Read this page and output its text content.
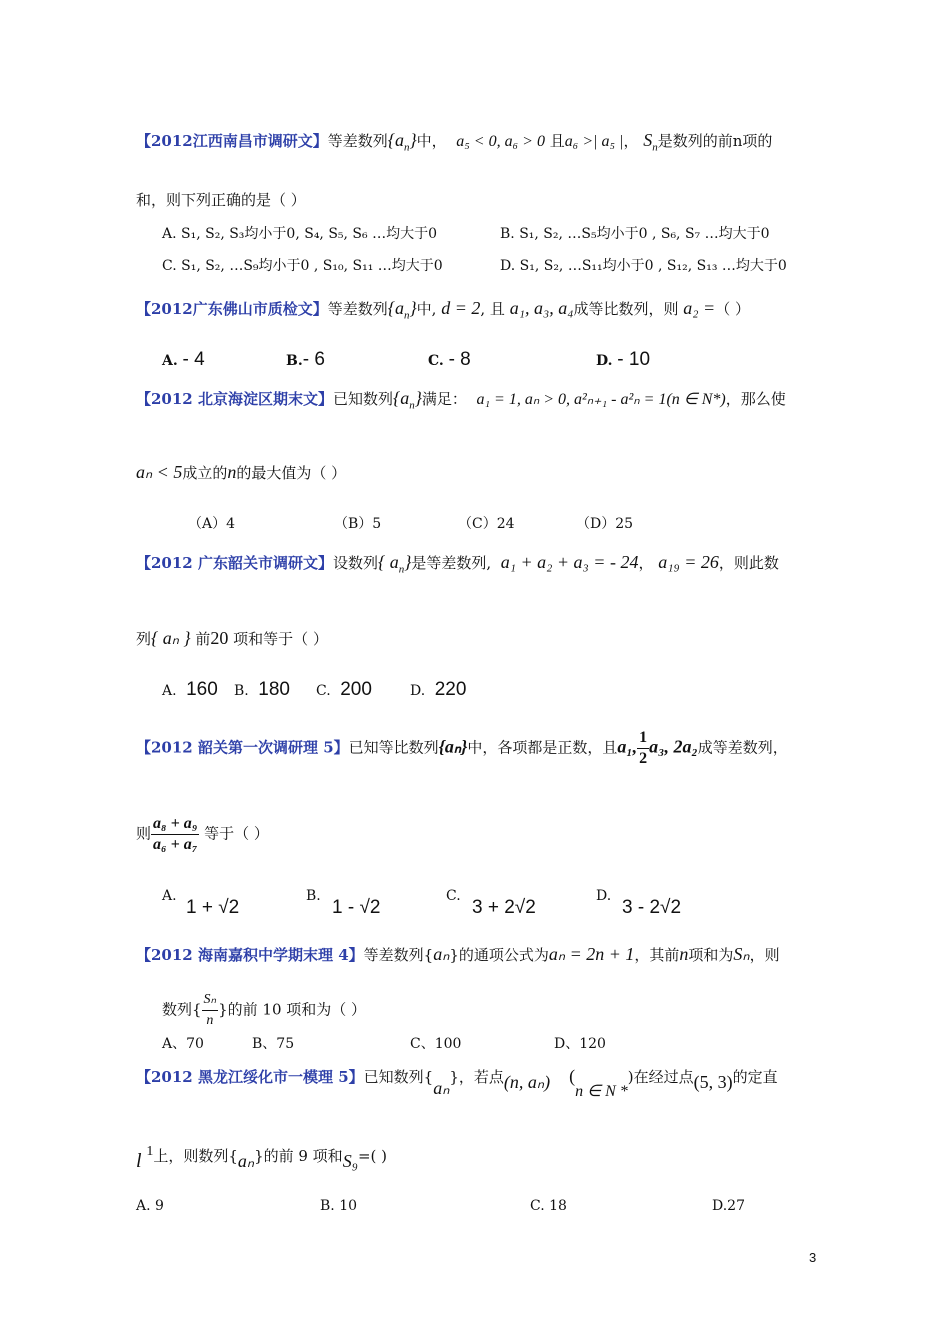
【2012江西南昌市调研文】等差数列$\{a_n\}$中， a₅ < 0, a₆ > 0 且a₆ >| a₅ |， $S_n$是数列的前n项的
和，则下列正确的是（ ）
A. S₁, S₂, S₃均小于0, S₄, S₅, S₆ …均大于0	B. S₁, S₂, …S₅均小于0 , S₆, S₇ …均大于0
C. S₁, S₂, …S₉均小于0 , S₁₀, S₁₁ …均大于0	D. S₁, S₂, …S₁₁均小于0 , S₁₂, S₁₃ …均大于0
【2012广东佛山市质检文】等差数列$\{a_n\}$中, d = 2, 且 a₁, a₃, a₄成等比数列，则 a₂ =（ ）
A. - 4	B.- 6	C. - 8	D. - 10
【2012 北京海淀区期末文】已知数列$\{a_n\}$满足： a₁ = 1, aₙ > 0, a²ₙ₊₁ - a²ₙ = 1(n ∈ N*)，那么使
aₙ < 5成立的n的最大值为（ ）
（A）4	（B）5	（C）24	（D）25
【2012 广东韶关市调研文】设数列{ $a_n$}是等差数列, a₁ + a₂ + a₃ = - 24， a₁₉ = 26，则此数
列{ aₙ } 前20 项和等于（ ）
A. 160 B. 180 C. 200	D. 220
【2012 韶关第一次调研理 5】已知等比数列{aₙ}中，各项都是正数，且a₁, $\frac{1}{2} a_3$, 2a₂成等差数列，
则 $\frac{\text{a₈ + a₉}}{\text{a₆ + a₇}}$ 等于（ ）
A.
1 + √2
B.
1 - √2
C.
3 + 2√2
D.
3 - 2√2
【2012 海南嘉积中学期末理 4】等差数列{aₙ}的通项公式为aₙ = 2n + 1，其前n项和为Sₙ，则
数列{ $\frac{\text{Sₙ}}{n}$ }的前 10 项和为（ ）
A、70	B、75	C、100	D、120
【2012 黑龙江绥化市一模理 5】已知数列{aₙ}，若点(n, aₙ) (n ∈ N *)在经过点(5, 3)的定直
l $^1$上，则数列{aₙ}的前 9 项和S₉=( )
A. 9	B. 10	C. 18	D.27
3
